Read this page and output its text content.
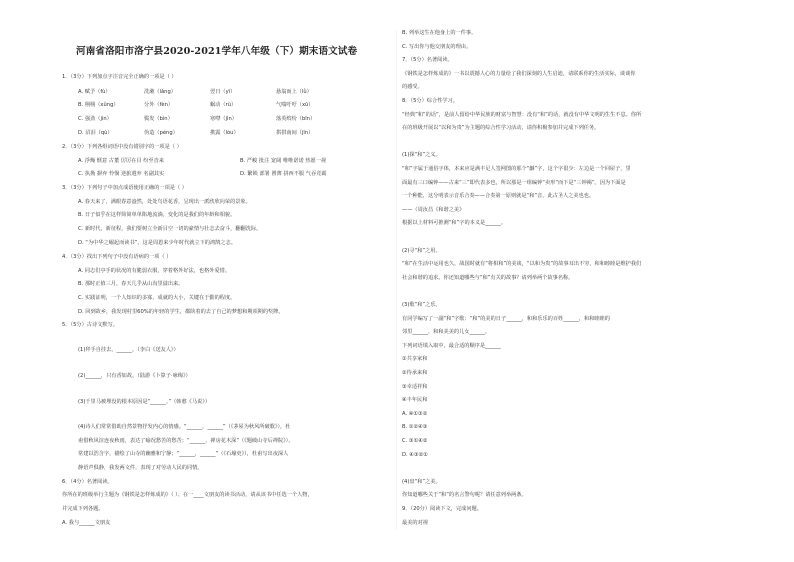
河南省洛阳市洛宁县2020-2021学年八年级（下）期末语文试卷
1．（3分）下列加点字注音完全正确的一项是（ ）
A. 赋予（fù）	洗漱（lǎng）	翌日（yī）	悬翁而上（lǜ）
B. 栩栩（xǔng）	分外（fèn）	蜗动（rù）	气喘吁吁（xū）
C. 强劲（jìn）	鬓发（bìn）	寒噤（jìn）	落英缤纷（bīn）
D. 沼泪（qù）	伪造（péng）	携露（lòu）	拱拱南间（jīn）
2．（3分）下列各组词语中没有错别字的一项是（ ）
A. 浮燥 惬意 古董 厉厉在目 纷至沓来	B. 严峻 批注 宽阔 唯唯诺诺 热愿一视
C. 执拗 摒弃 怜悯 逆旅遐弃 名副其实	D. 繁锁 部署 罾薄 拼西不服 气吞竞霸
3．（3分）下列句子中加点成语使用正确的一项是（ ）
A. 春天来了，满眼春意盎然，处处鸟语花香，呈现出一派欣欣向荣的景象。
B. 日子似乎在这样简简单单陷地流淌，变化的是我们的年龄和相貌。
C. 新时代，新征程，我们要树立全新目空一切的豪情与壮志去奋斗，翻翻洗际。
D. “为中华之崛起而读书”，这是周恩来少年时代就立下的鸿鹄之志。
4．（3分）找出下列句子中没有语病的一项（ ）
A. 同志们亭手的状况的有脆弱衣服，穿着格外好法，也格外爱惜。
B. 那时正值三月，春天几乎从山沟里溢出来。
C. 实践证明，一个人知识的多寡，成就的大小，关键在于勤的程度。
D. 回到故乡，我发现村里60%的年轻的学生，都陕着的去了自己的梦想和期项期的奖牌。
5．（5分）古诗文默写。
(1)拜手自挂去，______。（李白《送友人》）
(2)______，只有香如故。（陆游《卜算子·咏梅》）
(3)千里马被埋没的根本原因是“______。”（韩愈《马说》）
(4)诗人们常常借助自然景物抒发内心的情感。“______，______”（《茅屋为秋风所破歌》），杜
甫借秋风渲连夜秋雨，表达了喻况愁苦的愁苦；“______，禅房花木深”（《题破山寺后禅院》），
常建以浩含字，描绘了山寺的幽雅和宁静；“______，______”（《石壕吏》），杜甫写出夜深人
静语声俱静，我发两文件，表现了对劳动人民的同情。
6．（4分）名著阅读。
你所在的班级举行主题为《钢铁是怎样炼成的》（ ）、在一____文朋友的读书活动，请从该书中任选一个人物，
并完成下列各题。
A. 我与______文朋友
B. 列举这生在他身上的一件事。
C. 写出你与他交朋友的理由。
7．（5分）名著阅读。
《钢铁是怎样炼成的》一书以震撼人心的力量给了我们深刻的人生启迪，请联系你的生活实际，谈谈你
的感受。
8．（5分）综合性学习。
“经典”和“的话”，是前人留给中华民族的财富与智慧：没有“和”的话，就没有中华文明的生生不息。你所
在的班级开展以“以和为贵”为主题的综合性学习活动，请你积极参加并完成下列任务。
(1)探“和”之义。
“和”字属于通俗字体，本来应是满丰足人签网图的那个“龢”字，这个字很少：左边是一个回屋子，里
面最有三口编钟——古来“三”即代表多也，所以那是一组编钟“卖形”而下是“三钟褐”。因为下面是
一个种能，这分明表示音乐合奏——合奏第一原则就是“和”音，此古圣人之美也也。
——（周汝昌《和谐之美》
根据以上材料可推测“和”字的本义是______。
(2)寻“和”之用。
“和”在生活中运用也久，战国时就有“将相和”的美谈，“以和为贵”的故事耳出不穷，和和睦睦是维护我们
社会和谐的追求。你还知道哪些与“和”有关的故事？请列举两个故事名称。
(3)歌“和”之乐。
有同学编写了一副“和”字歌：“和”的美的日子______，和和乐乐的百姓______，和和睦睦的
邻里______，和和美美的儿女______。
下列词语填入取中，最合适的顺序是______
①共享家和
②待承来和
③幸适祥和
④丰年民和
A. ④①③②
B. ①②④③
C. ③①④②
D. ④③②①
(4)盘“和”之美。
你知道哪些关于“和”的名言警句呢？请任意列举两条。
9．（20分）阅读下文，完成问题。
最美的对视
